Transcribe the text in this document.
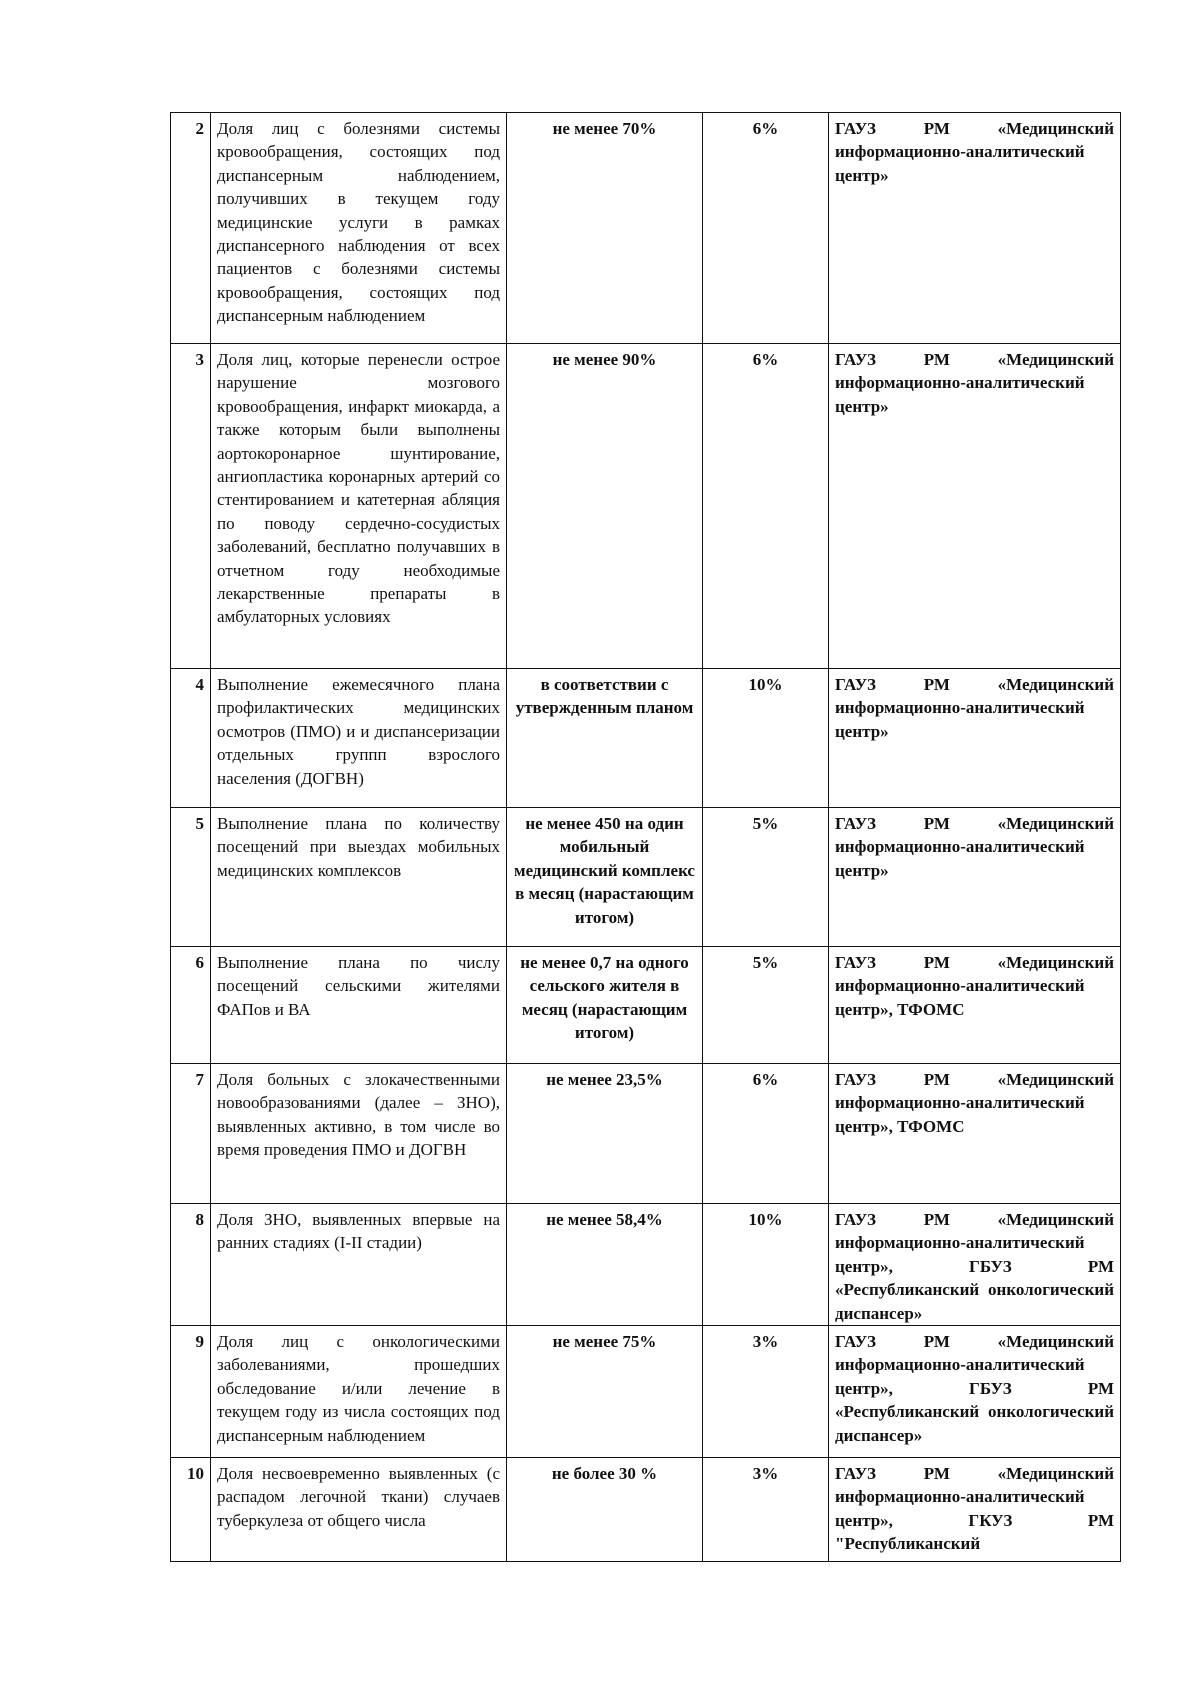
2	Доля лиц с болезнями системы кровообращения, состоящих под диспансерным наблюдением, получивших в текущем году медицинские услуги в рамках диспансерного наблюдения от всех пациентов с болезнями системы кровообращения, состоящих под диспансерным наблюдением	не менее 70%	6%	ГАУЗ РМ «Медицинский
информационно-аналитический центр»

3	Доля лиц, которые перенесли острое нарушение мозгового кровообращения, инфаркт миокарда, а также которым были выполнены аортокоронарное шунтирование, ангиопластика коронарных артерий со стентированием и катетерная абляция по поводу сердечно-сосудистых заболеваний, бесплатно получавших в отчетном году необходимые лекарственные препараты в амбулаторных условиях	не менее 90%	6%	ГАУЗ РМ «Медицинский
информационно-аналитический центр»

4	Выполнение ежемесячного плана профилактических медицинских осмотров (ПМО) и и диспансеризации отдельных группп взрослого населения (ДОГВН)	в соответствии с утвержденным планом	10%	ГАУЗ РМ «Медицинский
информационно-аналитический центр»

5	Выполнение плана по количеству посещений при выездах мобильных медицинских комплексов	не менее 450 на один мобильный медицинский комплекс в месяц (нарастающим итогом)	5%	ГАУЗ РМ «Медицинский
информационно-аналитический центр»

6	Выполнение плана по числу посещений сельскими жителями ФАПов и ВА	не менее 0,7 на одного сельского жителя в месяц (нарастающим итогом)	5%	ГАУЗ РМ «Медицинский
информационно-аналитический центр», ТФОМС

7	Доля больных с злокачественными новообразованиями (далее – ЗНО), выявленных активно, в том числе во время проведения ПМО и ДОГВН	не менее 23,5%	6%	ГАУЗ РМ «Медицинский
информационно-аналитический центр», ТФОМС

8	Доля ЗНО, выявленных впервые на ранних стадиях (I-II стадии)	не менее 58,4%	10%	ГАУЗ РМ «Медицинский
информационно-аналитический центр», ГБУЗ РМ «Республиканский онкологический диспансер»

9	Доля лиц с онкологическими заболеваниями, прошедших обследование и/или лечение в текущем году из числа состоящих под диспансерным наблюдением	не менее 75%	3%	ГАУЗ РМ «Медицинский
информационно-аналитический центр», ГБУЗ РМ «Республиканский онкологический диспансер»

10	Доля несвоевременно выявленных (с распадом легочной ткани) случаев туберкулеза от общего числа	не более 30 %	3%	ГАУЗ РМ «Медицинский
информационно-аналитический центр», ГКУЗ РМ "Республиканский
